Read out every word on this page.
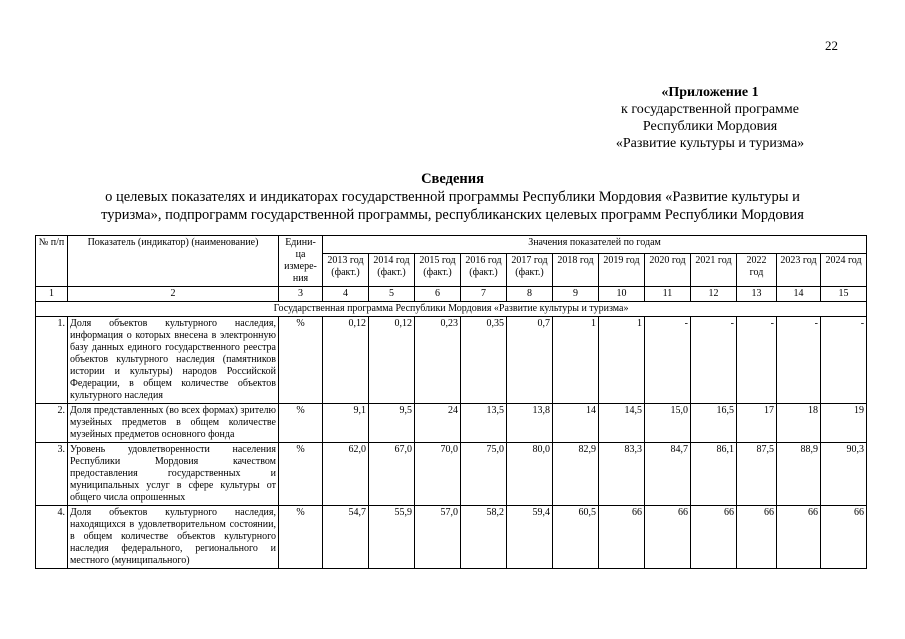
22
«Приложение 1
к государственной программе
Республики Мордовия
«Развитие культуры и туризма»
Сведения
о целевых показателях и индикаторах государственной программы Республики Мордовия «Развитие культуры и
туризма», подпрограмм государственной программы, республиканских целевых программ Республики Мордовия
№ п/п	Показатель (индикатор) (наименование)	Едини-ца измере-ния	Значения показателей по годам											
			2013 год (факт.)	2014 год (факт.)	2015 год (факт.)	2016 год (факт.)	2017 год (факт.)	2018 год	2019 год	2020 год	2021 год	2022 год	2023 год	2024 год
1	2	3	4	5	6	7	8	9	10	11	12	13	14	15
Государственная программа Республики Мордовия «Развитие культуры и туризма»														
1.	Доля объектов культурного наследия, информация о которых внесена в электронную базу данных единого государственного реестра объектов культурного наследия (памятников истории и культуры) народов Российской Федерации, в общем количестве объектов культурного наследия	%	0,12	0,12	0,23	0,35	0,7	1	1	-	-	-	-	-
2.	Доля представленных (во всех формах) зрителю музейных предметов в общем количестве музейных предметов основного фонда	%	9,1	9,5	24	13,5	13,8	14	14,5	15,0	16,5	17	18	19
3.	Уровень удовлетворенности населения Республики Мордовия качеством предоставления государственных и муниципальных услуг в сфере культуры от общего числа опрошенных	%	62,0	67,0	70,0	75,0	80,0	82,9	83,3	84,7	86,1	87,5	88,9	90,3
4.	Доля объектов культурного наследия, находящихся в удовлетворительном состоянии, в общем количестве объектов культурного наследия федерального, регионального и местного (муниципального)	%	54,7	55,9	57,0	58,2	59,4	60,5	66	66	66	66	66	66
